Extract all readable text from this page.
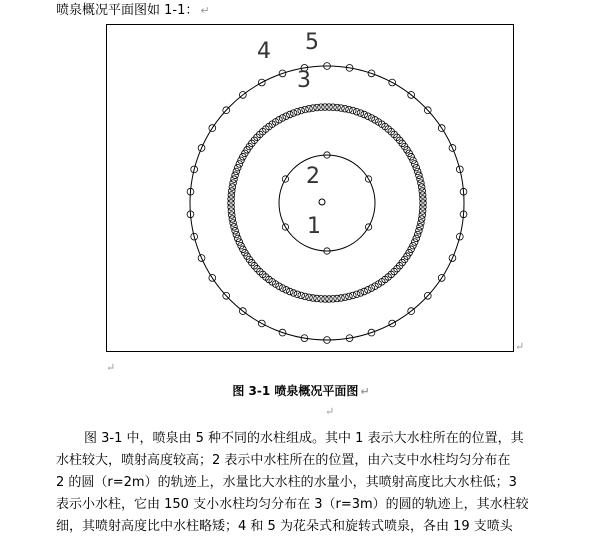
喷泉概况平面图如 1-1： ↵
4 5
3
2
1
↵
↵
图 3-1 喷泉概况平面图 ↵
↵
图 3-1 中，喷泉由 5 种不同的水柱组成。其中 1 表示大水柱所在的位置，其
水柱较大，喷射高度较高；2 表示中水柱所在的位置，由六支中水柱均匀分布在
2 的圆（r=2m）的轨迹上，水量比大水柱的水量小，其喷射高度比大水柱低；3
表示小水柱，它由 150 支小水柱均匀分布在 3（r=3m）的圆的轨迹上，其水柱较
细，其喷射高度比中水柱略矮；4 和 5 为花朵式和旋转式喷泉，各由 19 支喷头
